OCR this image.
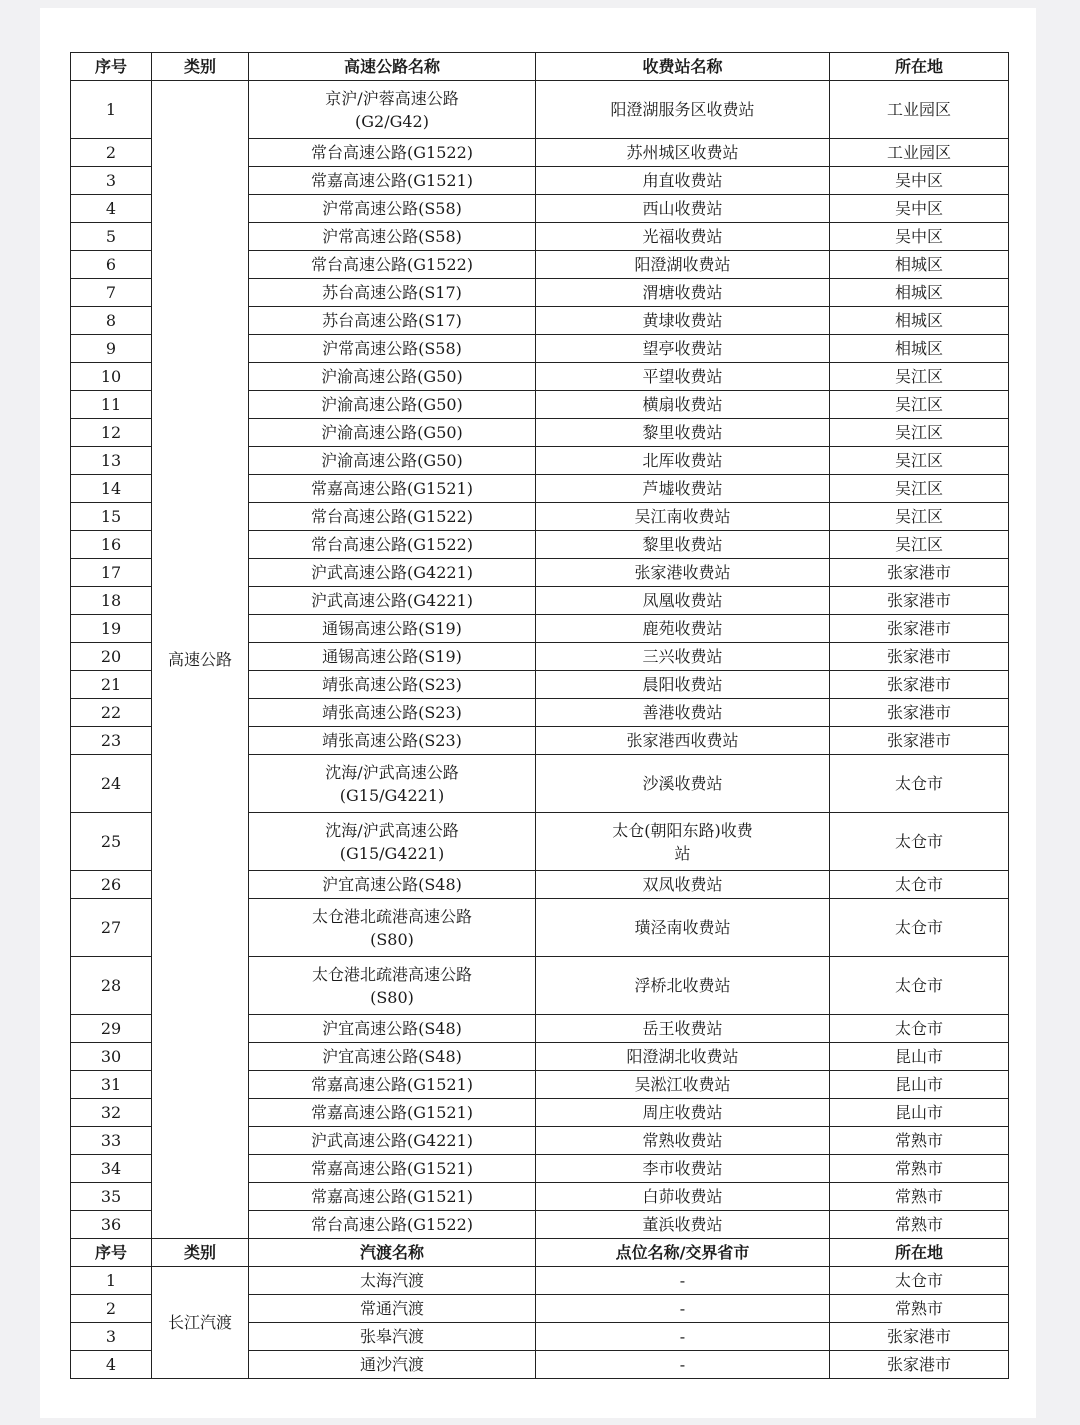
序号	类别	高速公路名称	收费站名称	所在地
1	高速公路	京沪/沪蓉高速公路
(G2/G42)	阳澄湖服务区收费站	工业园区
2		常台高速公路(G1522)	苏州城区收费站	工业园区
3		常嘉高速公路(G1521)	甪直收费站	吴中区
4		沪常高速公路(S58)	西山收费站	吴中区
5		沪常高速公路(S58)	光福收费站	吴中区
6		常台高速公路(G1522)	阳澄湖收费站	相城区
7		苏台高速公路(S17)	渭塘收费站	相城区
8		苏台高速公路(S17)	黄埭收费站	相城区
9		沪常高速公路(S58)	望亭收费站	相城区
10		沪渝高速公路(G50)	平望收费站	吴江区
11		沪渝高速公路(G50)	横扇收费站	吴江区
12		沪渝高速公路(G50)	黎里收费站	吴江区
13		沪渝高速公路(G50)	北厍收费站	吴江区
14		常嘉高速公路(G1521)	芦墟收费站	吴江区
15		常台高速公路(G1522)	吴江南收费站	吴江区
16		常台高速公路(G1522)	黎里收费站	吴江区
17		沪武高速公路(G4221)	张家港收费站	张家港市
18		沪武高速公路(G4221)	凤凰收费站	张家港市
19		通锡高速公路(S19)	鹿苑收费站	张家港市
20		通锡高速公路(S19)	三兴收费站	张家港市
21		靖张高速公路(S23)	晨阳收费站	张家港市
22		靖张高速公路(S23)	善港收费站	张家港市
23		靖张高速公路(S23)	张家港西收费站	张家港市
24		沈海/沪武高速公路
(G15/G4221)	沙溪收费站	太仓市
25		沈海/沪武高速公路
(G15/G4221)	太仓(朝阳东路)收费
站	太仓市
26		沪宜高速公路(S48)	双凤收费站	太仓市
27		太仓港北疏港高速公路
(S80)	璜泾南收费站	太仓市
28		太仓港北疏港高速公路
(S80)	浮桥北收费站	太仓市
29		沪宜高速公路(S48)	岳王收费站	太仓市
30		沪宜高速公路(S48)	阳澄湖北收费站	昆山市
31		常嘉高速公路(G1521)	吴淞江收费站	昆山市
32		常嘉高速公路(G1521)	周庄收费站	昆山市
33		沪武高速公路(G4221)	常熟收费站	常熟市
34		常嘉高速公路(G1521)	李市收费站	常熟市
35		常嘉高速公路(G1521)	白茆收费站	常熟市
36		常台高速公路(G1522)	董浜收费站	常熟市
序号	类别	汽渡名称	点位名称/交界省市	所在地
1	长江汽渡	太海汽渡	-	太仓市
2		常通汽渡	-	常熟市
3		张皋汽渡	-	张家港市
4		通沙汽渡	-	张家港市
